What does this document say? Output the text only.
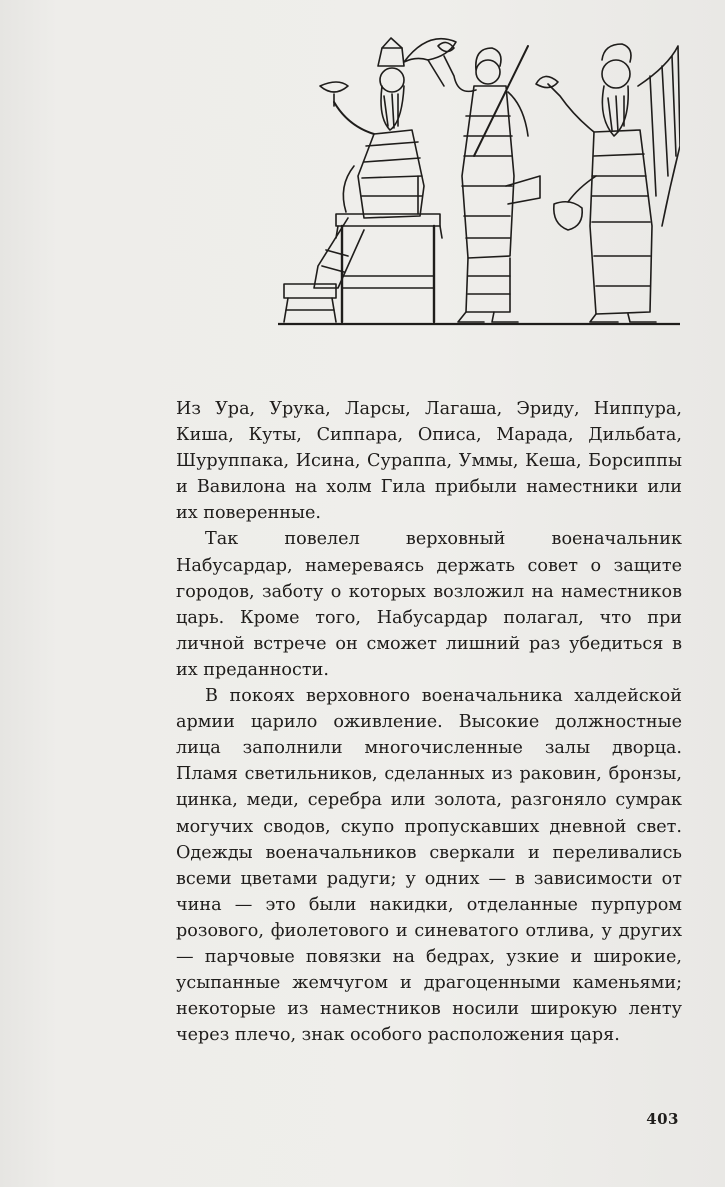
Из Ура, Урука, Ларсы, Лагаша, Эриду, Ниппура, Киша, Куты, Сиппара, Описа, Марада, Дильбата, Шуруппака, Исина, Сураппа, Уммы, Кеша, Борсиппы и Вавилона на холм Гила прибыли наместники или их поверенные.

Так повелел верховный военачальник Набусардар, намереваясь держать совет о защите городов, заботу о которых возложил на наместников царь. Кроме того, Набусардар полагал, что при личной встрече он сможет лишний раз убедиться в их преданности.

В покоях верховного военачальника халдейской армии царило оживление. Высокие должностные лица заполнили многочисленные залы дворца. Пламя светильников, сделанных из раковин, бронзы, цинка, меди, серебра или золота, разгоняло сумрак могучих сводов, скупо пропускавших дневной свет. Одежды военачальников сверкали и переливались всеми цветами радуги; у одних — в зависимости от чина — это были накидки, отделанные пурпуром розового, фиолетового и синеватого отлива, у других — парчовые повязки на бедрах, узкие и широкие, усыпанные жемчугом и драгоценными каменьями; некоторые из наместников носили широкую ленту через плечо, знак особого расположения царя.

403
